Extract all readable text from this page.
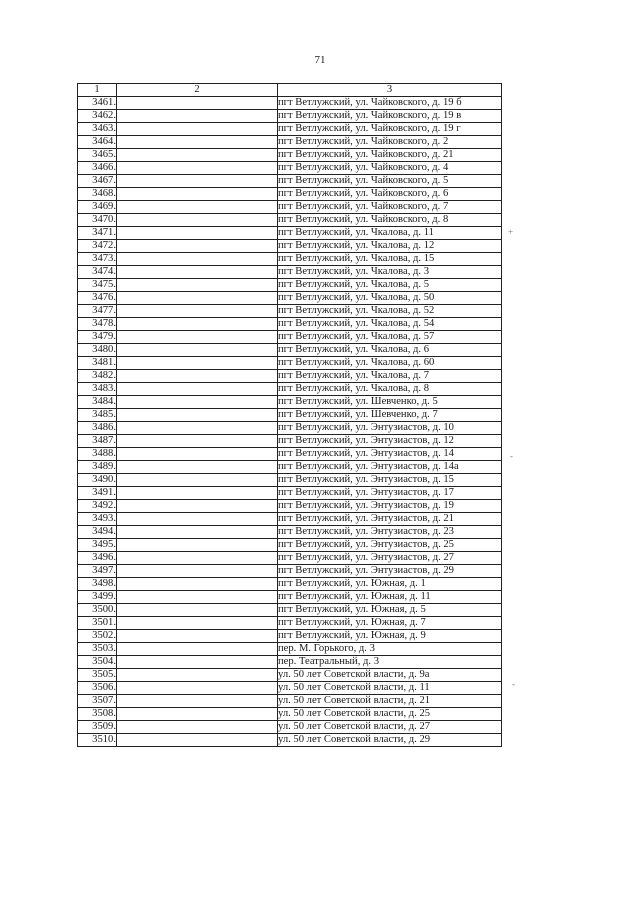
71
1	2	3
3461.		пгт Ветлужский, ул. Чайковского, д. 19 б
3462.		пгт Ветлужский, ул. Чайковского, д. 19 в
3463.		пгт Ветлужский, ул. Чайковского, д. 19 г
3464.		пгт Ветлужский, ул. Чайковского, д. 2
3465.		пгт Ветлужский, ул. Чайковского, д. 21
3466.		пгт Ветлужский, ул. Чайковского, д. 4
3467.		пгт Ветлужский, ул. Чайковского, д. 5
3468.		пгт Ветлужский, ул. Чайковского, д. 6
3469.		пгт Ветлужский, ул. Чайковского, д. 7
3470.		пгт Ветлужский, ул. Чайковского, д. 8
3471.		пгт Ветлужский, ул. Чкалова, д. 11
3472.		пгт Ветлужский, ул. Чкалова, д. 12
3473.		пгт Ветлужский, ул. Чкалова, д. 15
3474.		пгт Ветлужский, ул. Чкалова, д. 3
3475.		пгт Ветлужский, ул. Чкалова, д. 5
3476.		пгт Ветлужский, ул. Чкалова, д. 50
3477.		пгт Ветлужский, ул. Чкалова, д. 52
3478.		пгт Ветлужский, ул. Чкалова, д. 54
3479.		пгт Ветлужский, ул. Чкалова, д. 57
3480.		пгт Ветлужский, ул. Чкалова, д. 6
3481.		пгт Ветлужский, ул. Чкалова, д. 60
3482.		пгт Ветлужский, ул. Чкалова, д. 7
3483.		пгт Ветлужский, ул. Чкалова, д. 8
3484.		пгт Ветлужский, ул. Шевченко, д. 5
3485.		пгт Ветлужский, ул. Шевченко, д. 7
3486.		пгт Ветлужский, ул. Энтузиастов, д. 10
3487.		пгт Ветлужский, ул. Энтузиастов, д. 12
3488.		пгт Ветлужский, ул. Энтузиастов, д. 14
3489.		пгт Ветлужский, ул. Энтузиастов, д. 14а
3490.		пгт Ветлужский, ул. Энтузиастов, д. 15
3491.		пгт Ветлужский, ул. Энтузиастов, д. 17
3492.		пгт Ветлужский, ул. Энтузиастов, д. 19
3493.		пгт Ветлужский, ул. Энтузиастов, д. 21
3494.		пгт Ветлужский, ул. Энтузиастов, д. 23
3495.		пгт Ветлужский, ул. Энтузиастов, д. 25
3496.		пгт Ветлужский, ул. Энтузиастов, д. 27
3497.		пгт Ветлужский, ул. Энтузиастов, д. 29
3498.		пгт Ветлужский, ул. Южная, д. 1
3499.		пгт Ветлужский, ул. Южная, д. 11
3500.		пгт Ветлужский, ул. Южная, д. 5
3501.		пгт Ветлужский, ул. Южная, д. 7
3502.		пгт Ветлужский, ул. Южная, д. 9
3503.		пер. М. Горького, д. 3
3504.		пер. Театральный, д. 3
3505.		ул. 50 лет Советской власти, д. 9а
3506.		ул. 50 лет Советской власти, д. 11
3507.		ул. 50 лет Советской власти, д. 21
3508.		ул. 50 лет Советской власти, д. 25
3509.		ул. 50 лет Советской власти, д. 27
3510.		ул. 50 лет Советской власти, д. 29
+
-
-
